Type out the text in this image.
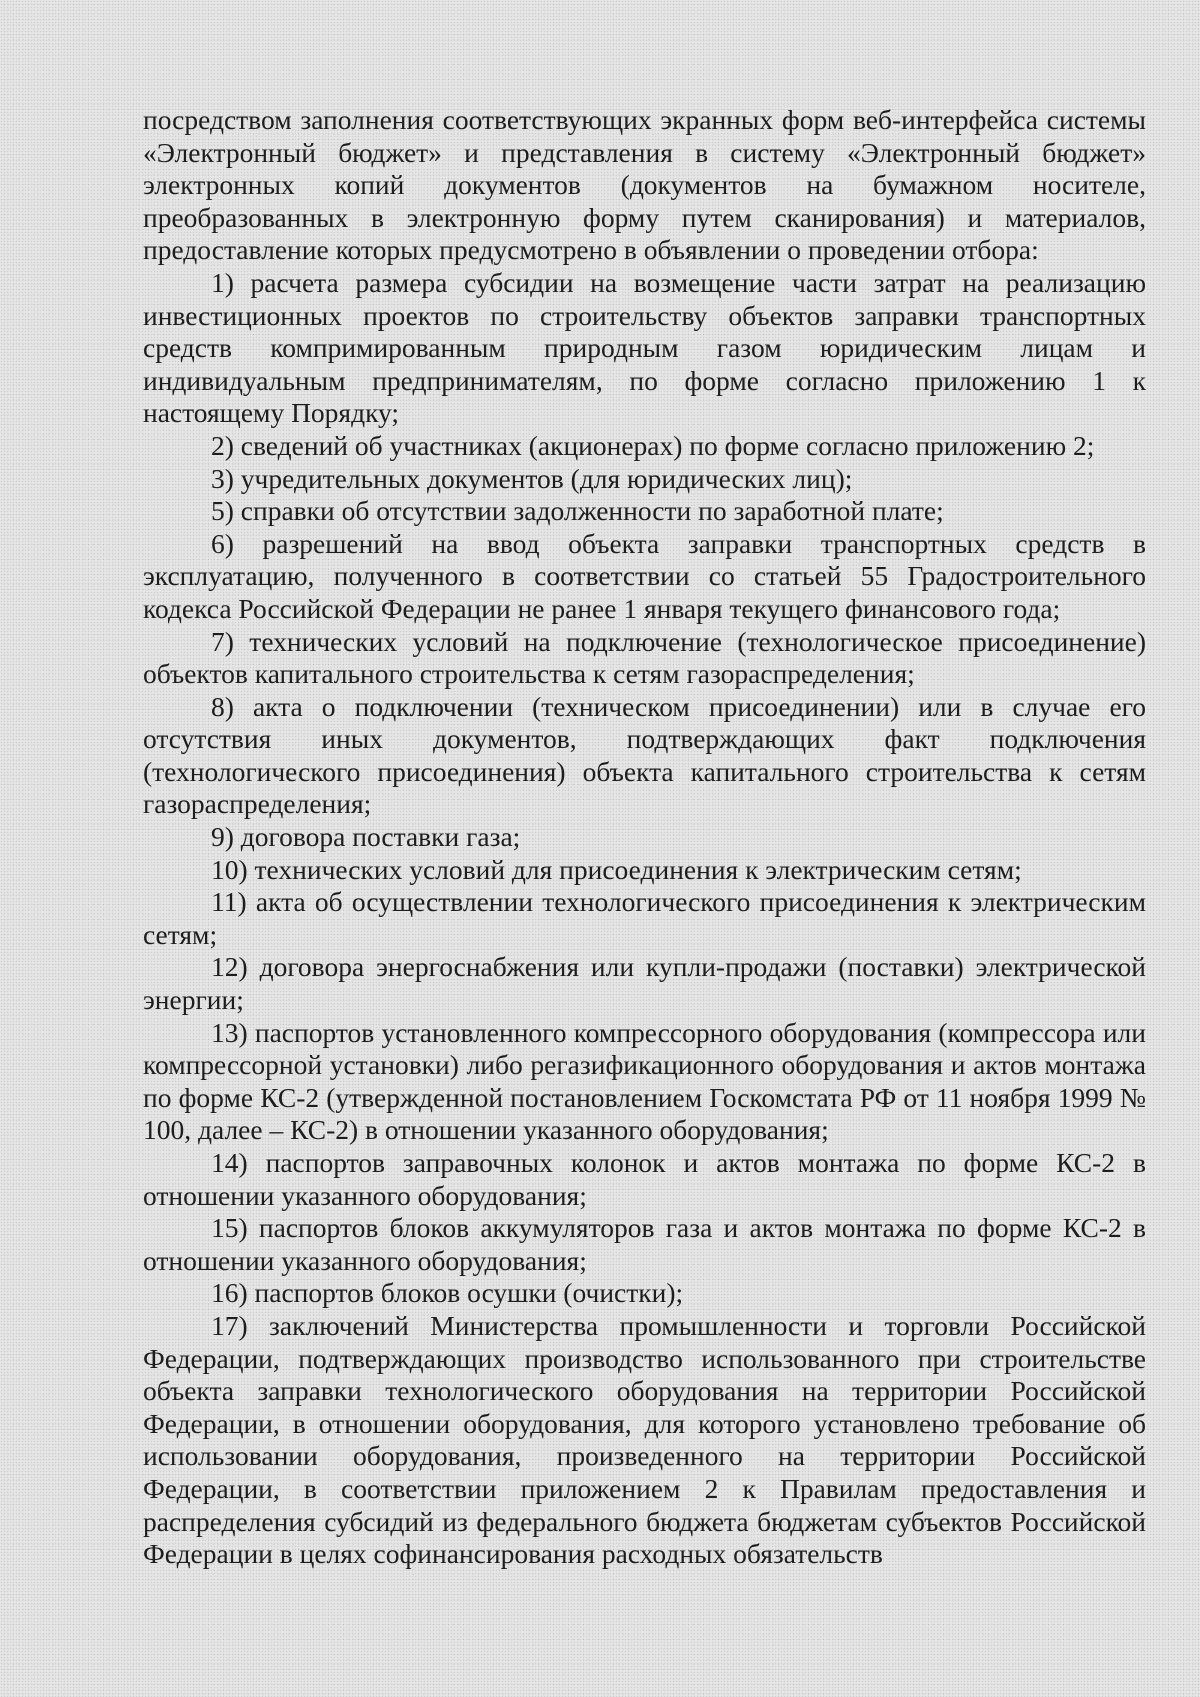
посредством заполнения соответствующих экранных форм веб-интерфейса системы «Электронный бюджет» и представления в систему «Электронный бюджет» электронных копий документов (документов на бумажном носителе, преобразованных в электронную форму путем сканирования) и материалов, предоставление которых предусмотрено в объявлении о проведении отбора:

1) расчета размера субсидии на возмещение части затрат на реализацию инвестиционных проектов по строительству объектов заправки транспортных средств компримированным природным газом юридическим лицам и индивидуальным предпринимателям, по форме согласно приложению 1 к настоящему Порядку;

2) сведений об участниках (акционерах) по форме согласно приложению 2;

3) учредительных документов (для юридических лиц);

5) справки об отсутствии задолженности по заработной плате;

6) разрешений на ввод объекта заправки транспортных средств в эксплуатацию, полученного в соответствии со статьей 55 Градостроительного кодекса Российской Федерации не ранее 1 января текущего финансового года;

7) технических условий на подключение (технологическое присоединение) объектов капитального строительства к сетям газораспределения;

8) акта о подключении (техническом присоединении) или в случае его отсутствия иных документов, подтверждающих факт подключения (технологического присоединения) объекта капитального строительства к сетям газораспределения;

9) договора поставки газа;

10) технических условий для присоединения к электрическим сетям;

11) акта об осуществлении технологического присоединения к электрическим сетям;

12) договора энергоснабжения или купли-продажи (поставки) электрической энергии;

13) паспортов установленного компрессорного оборудования (компрессора или компрессорной установки) либо регазификационного оборудования и актов монтажа по форме КС-2 (утвержденной постановлением Госкомстата РФ от 11 ноября 1999 № 100, далее – КС-2) в отношении указанного оборудования;

14) паспортов заправочных колонок и актов монтажа по форме КС-2 в отношении указанного оборудования;

15) паспортов блоков аккумуляторов газа и актов монтажа по форме КС-2 в отношении указанного оборудования;

16) паспортов блоков осушки (очистки);

17) заключений Министерства промышленности и торговли Российской Федерации, подтверждающих производство использованного при строительстве объекта заправки технологического оборудования на территории Российской Федерации, в отношении оборудования, для которого установлено требование об использовании оборудования, произведенного на территории Российской Федерации, в соответствии приложением 2 к Правилам предоставления и распределения субсидий из федерального бюджета бюджетам субъектов Российской Федерации в целях софинансирования расходных обязательств
